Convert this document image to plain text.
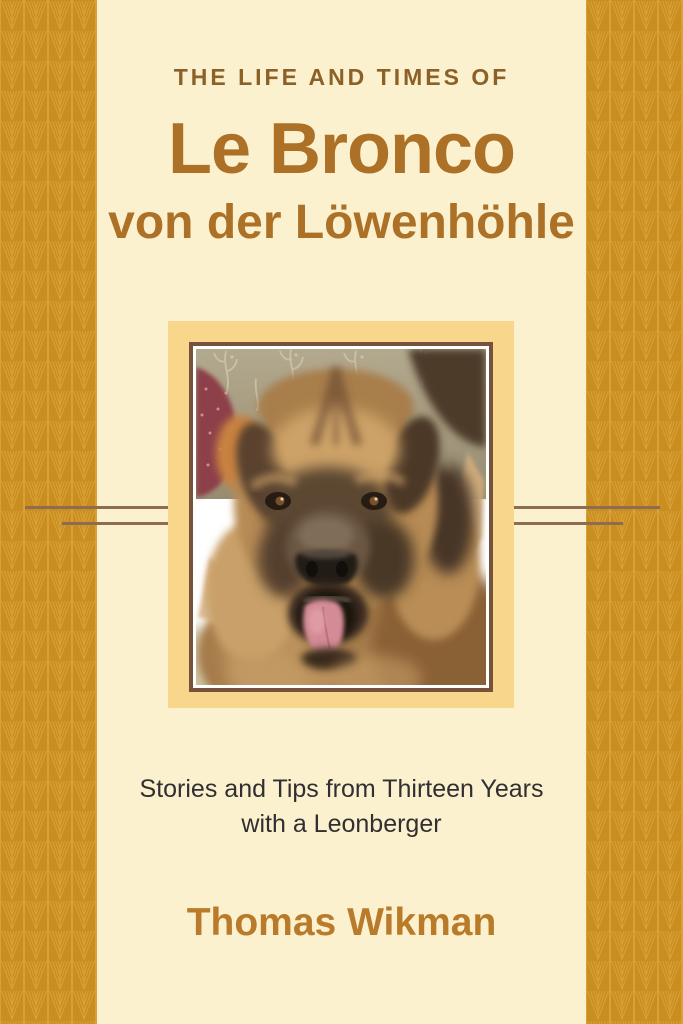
THE LIFE AND TIMES OF
Le Bronco
von der Löwenhöhle
Stories and Tips from Thirteen Years
with a Leonberger
Thomas Wikman
